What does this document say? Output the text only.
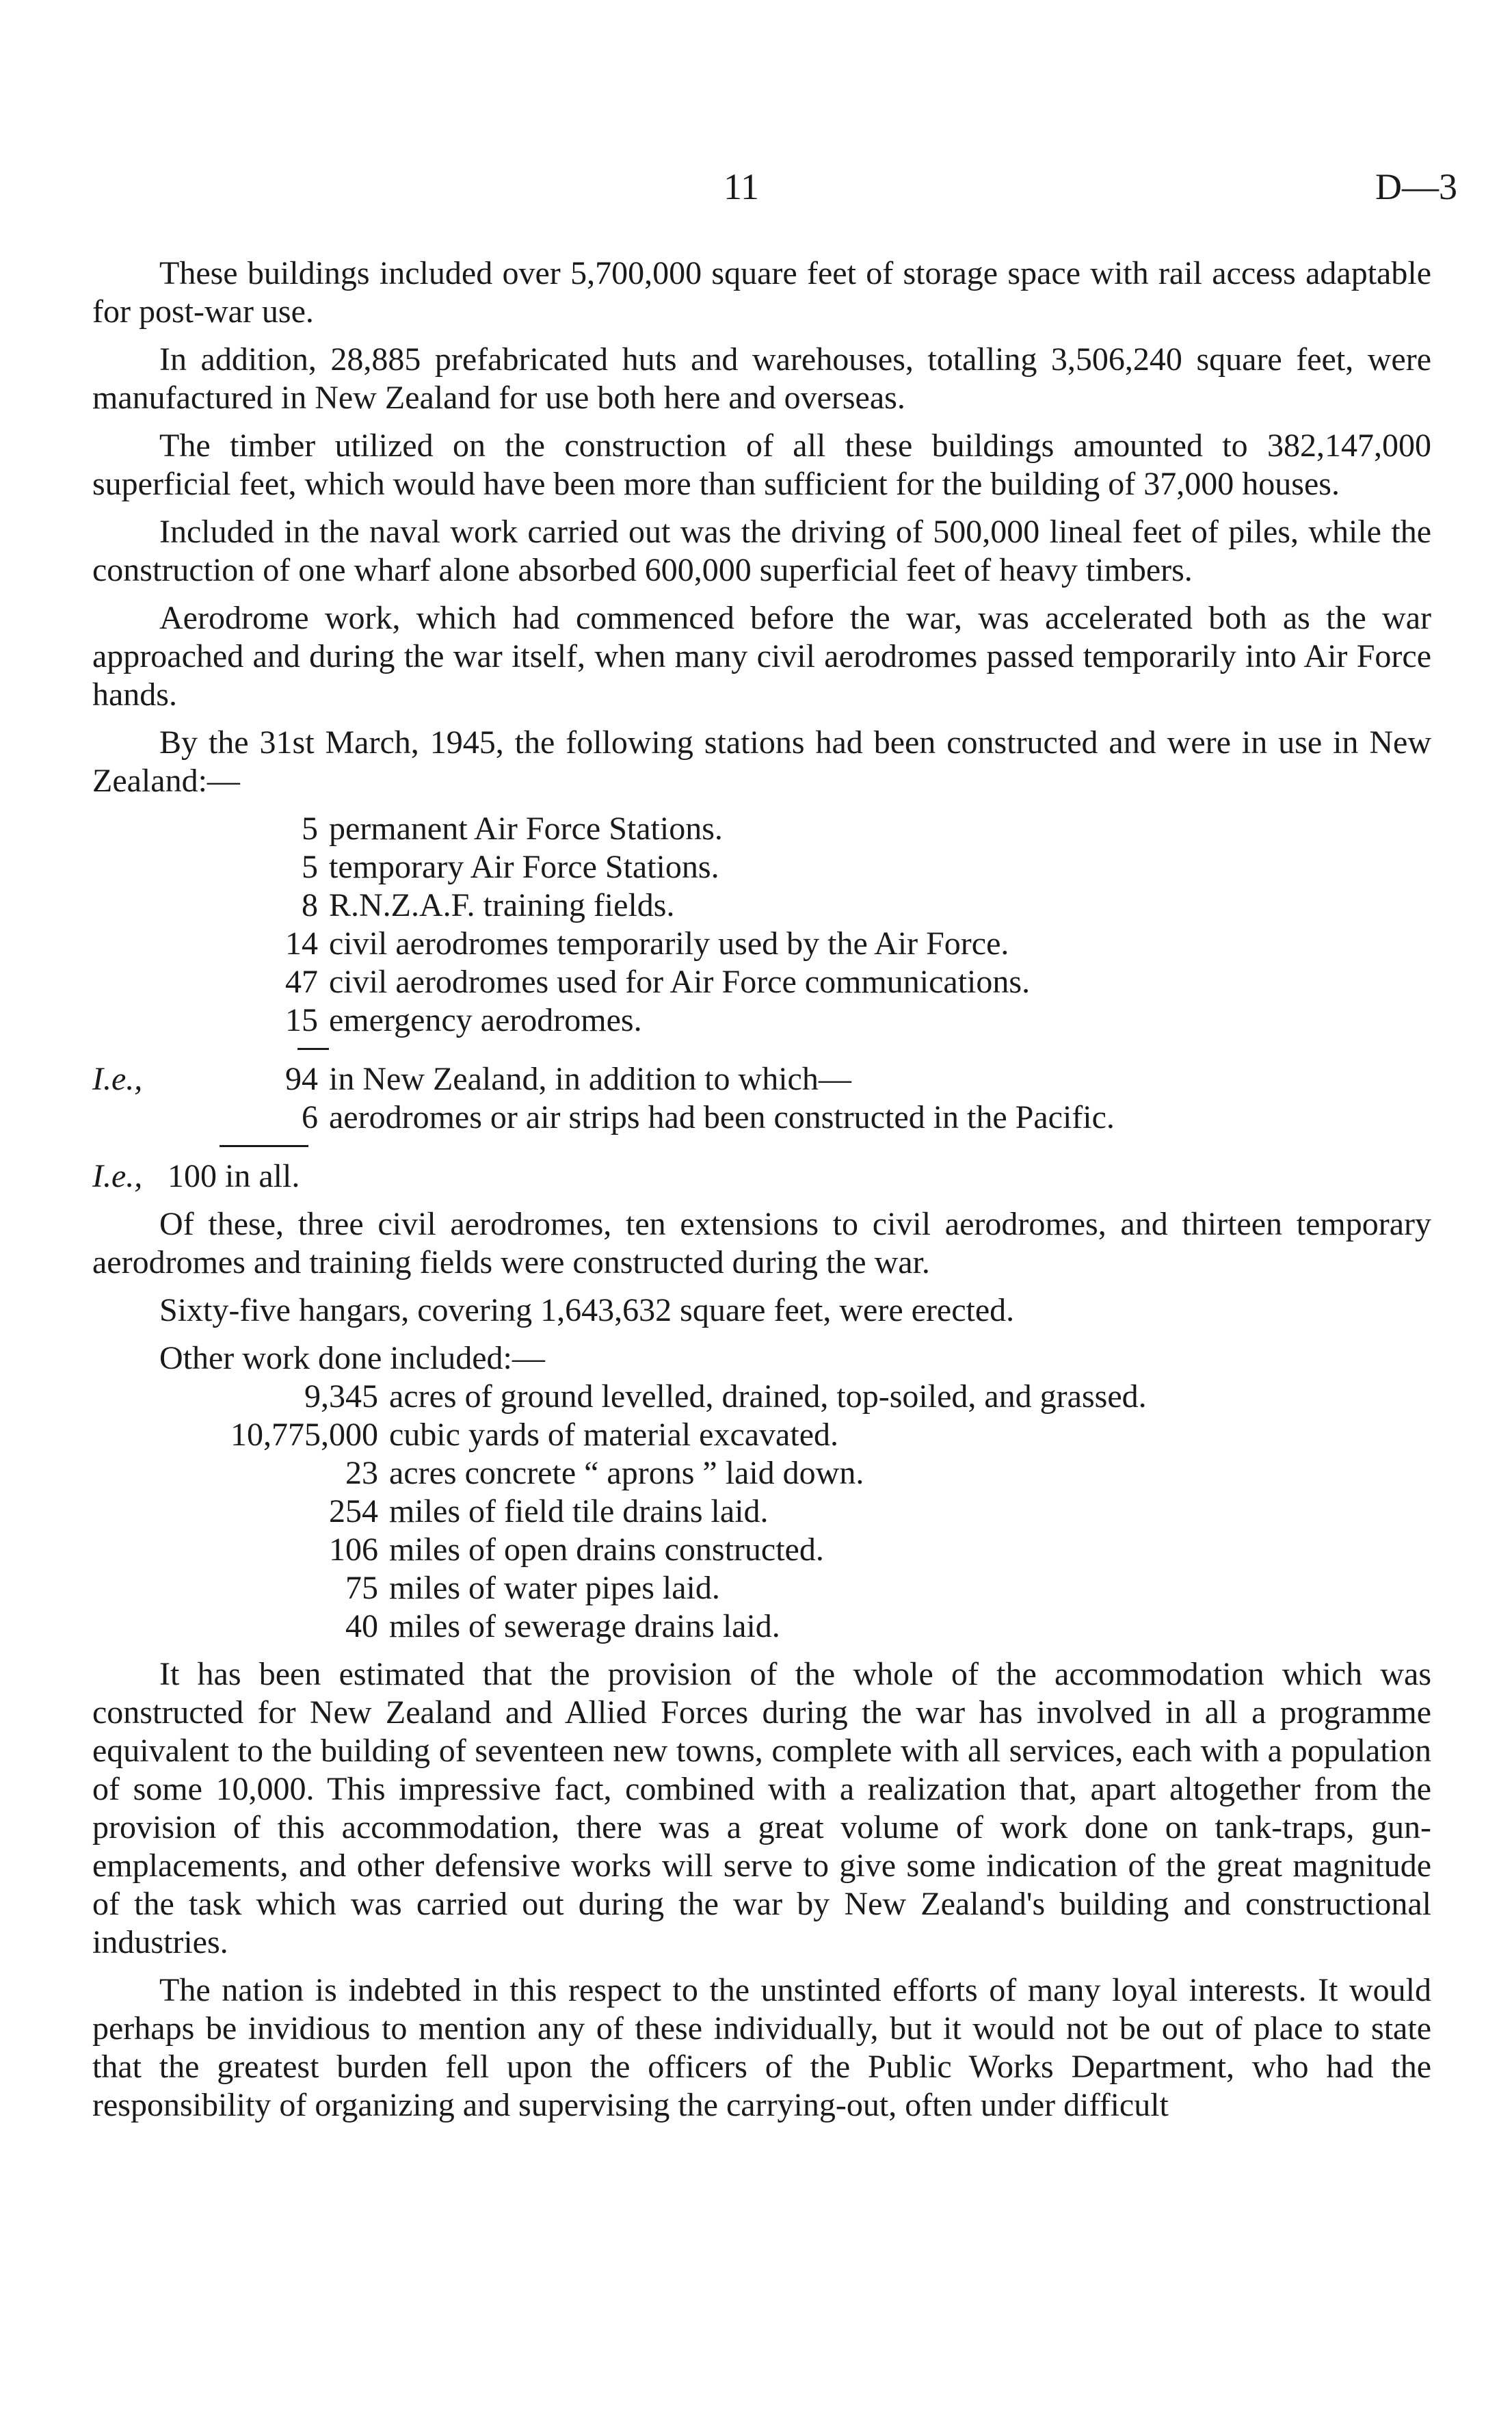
11	D—3

These buildings included over 5,700,000 square feet of storage space with rail access adaptable for post-war use.

In addition, 28,885 prefabricated huts and warehouses, totalling 3,506,240 square feet, were manufactured in New Zealand for use both here and overseas.

The timber utilized on the construction of all these buildings amounted to 382,147,000 superficial feet, which would have been more than sufficient for the building of 37,000 houses.

Included in the naval work carried out was the driving of 500,000 lineal feet of piles, while the construction of one wharf alone absorbed 600,000 superficial feet of heavy timbers.

Aerodrome work, which had commenced before the war, was accelerated both as the war approached and during the war itself, when many civil aerodromes passed temporarily into Air Force hands.

By the 31st March, 1945, the following stations had been constructed and were in use in New Zealand:—

5 permanent Air Force Stations.
5 temporary Air Force Stations.
8 R.N.Z.A.F. training fields.
14 civil aerodromes temporarily used by the Air Force.
47 civil aerodromes used for Air Force communications.
15 emergency aerodromes.
I.e.,	94 in New Zealand, in addition to which—
6 aerodromes or air strips had been constructed in the Pacific.
I.e., 100 in all.

Of these, three civil aerodromes, ten extensions to civil aerodromes, and thirteen temporary aerodromes and training fields were constructed during the war.

Sixty-five hangars, covering 1,643,632 square feet, were erected.

Other work done included:—

9,345 acres of ground levelled, drained, top-soiled, and grassed.
10,775,000 cubic yards of material excavated.
23 acres concrete “ aprons ” laid down.
254 miles of field tile drains laid.
106 miles of open drains constructed.
75 miles of water pipes laid.
40 miles of sewerage drains laid.

It has been estimated that the provision of the whole of the accommodation which was constructed for New Zealand and Allied Forces during the war has involved in all a programme equivalent to the building of seventeen new towns, complete with all services, each with a population of some 10,000. This impressive fact, combined with a realization that, apart altogether from the provision of this accommodation, there was a great volume of work done on tank-traps, gun-emplacements, and other defensive works will serve to give some indication of the great magnitude of the task which was carried out during the war by New Zealand's building and constructional industries.

The nation is indebted in this respect to the unstinted efforts of many loyal interests. It would perhaps be invidious to mention any of these individually, but it would not be out of place to state that the greatest burden fell upon the officers of the Public Works Department, who had the responsibility of organizing and supervising the carrying-out, often under difficult
